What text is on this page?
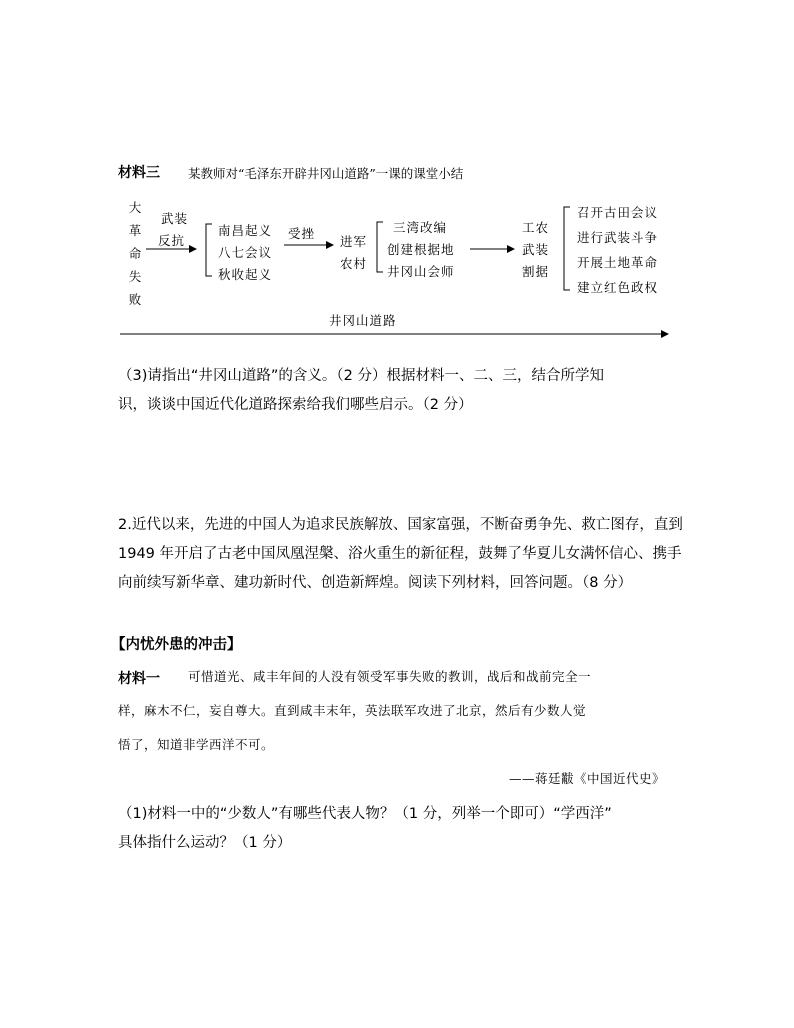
材料三 某教师对“毛泽东开辟井冈山道路”一课的课堂小结
大
革
命
失
败
武装
反抗
南昌起义
八七会议
秋收起义
受挫
进军
农村
三湾改编
创建根据地
井冈山会师
工农
武装
割据
召开古田会议
进行武装斗争
开展土地革命
建立红色政权
井冈山道路
（3)请指出“井冈山道路”的含义。（2 分）根据材料一、二、三，结合所学知
识，谈谈中国近代化道路探索给我们哪些启示。（2 分）
2.近代以来，先进的中国人为追求民族解放、国家富强，不断奋勇争先、救亡图存，直到 1949 年开启了古老中国凤凰涅槃、浴火重生的新征程，鼓舞了华夏儿女满怀信心、携手向前续写新华章、建功新时代、创造新辉煌。阅读下列材料，回答问题。（8 分）
【内忧外患的冲击】
材料一 可惜道光、咸丰年间的人没有领受军事失败的教训，战后和战前完全一
样，麻木不仁，妄自尊大。直到咸丰末年，英法联军攻进了北京，然后有少数人觉
悟了，知道非学西洋不可。
——蒋廷黻《中国近代史》
（1)材料一中的“少数人”有哪些代表人物？（1 分，列举一个即可）“学西洋”
具体指什么运动？（1 分）
